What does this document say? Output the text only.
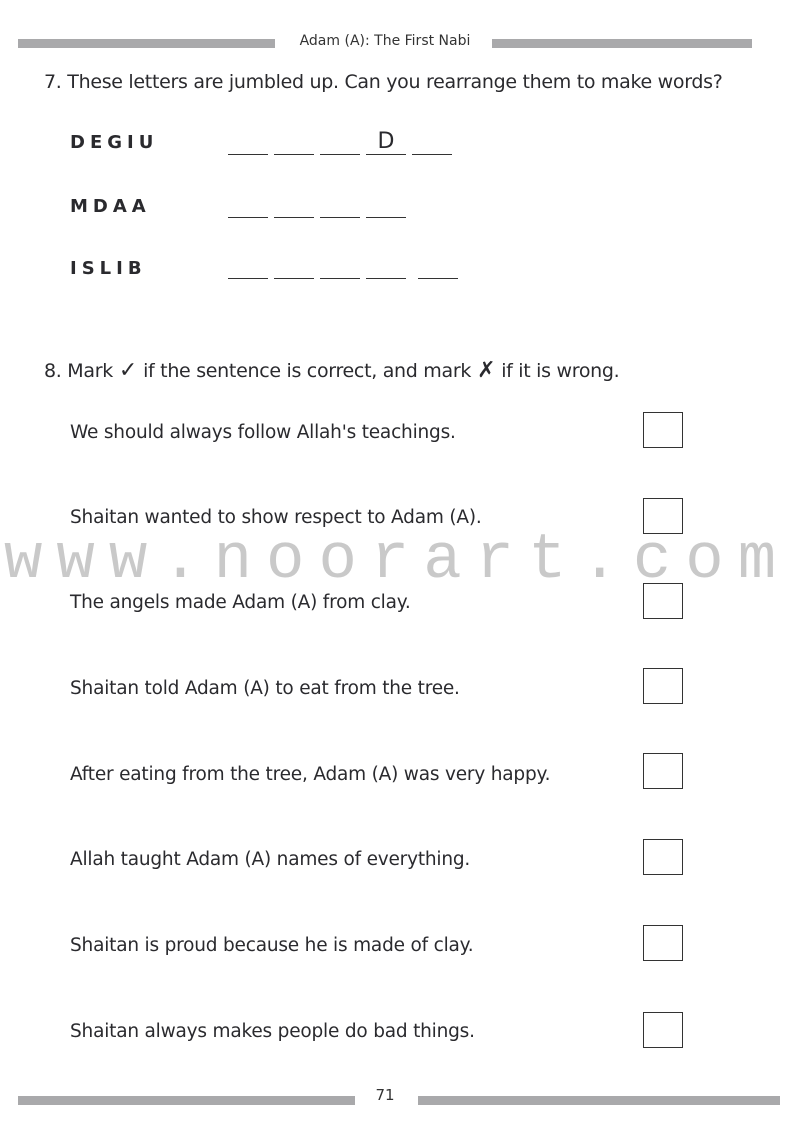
Adam (A): The First Nabi
7. These letters are jumbled up. Can you rearrange them to make words?
DEGIU	D
MDAA
ISLIB
8. Mark ✓ if the sentence is correct, and mark ✗ if it is wrong.
www.noorart.com
We should always follow Allah's teachings.
Shaitan wanted to show respect to Adam (A).
The angels made Adam (A) from clay.
Shaitan told Adam (A) to eat from the tree.
After eating from the tree, Adam (A) was very happy.
Allah taught Adam (A) names of everything.
Shaitan is proud because he is made of clay.
Shaitan always makes people do bad things.
71
